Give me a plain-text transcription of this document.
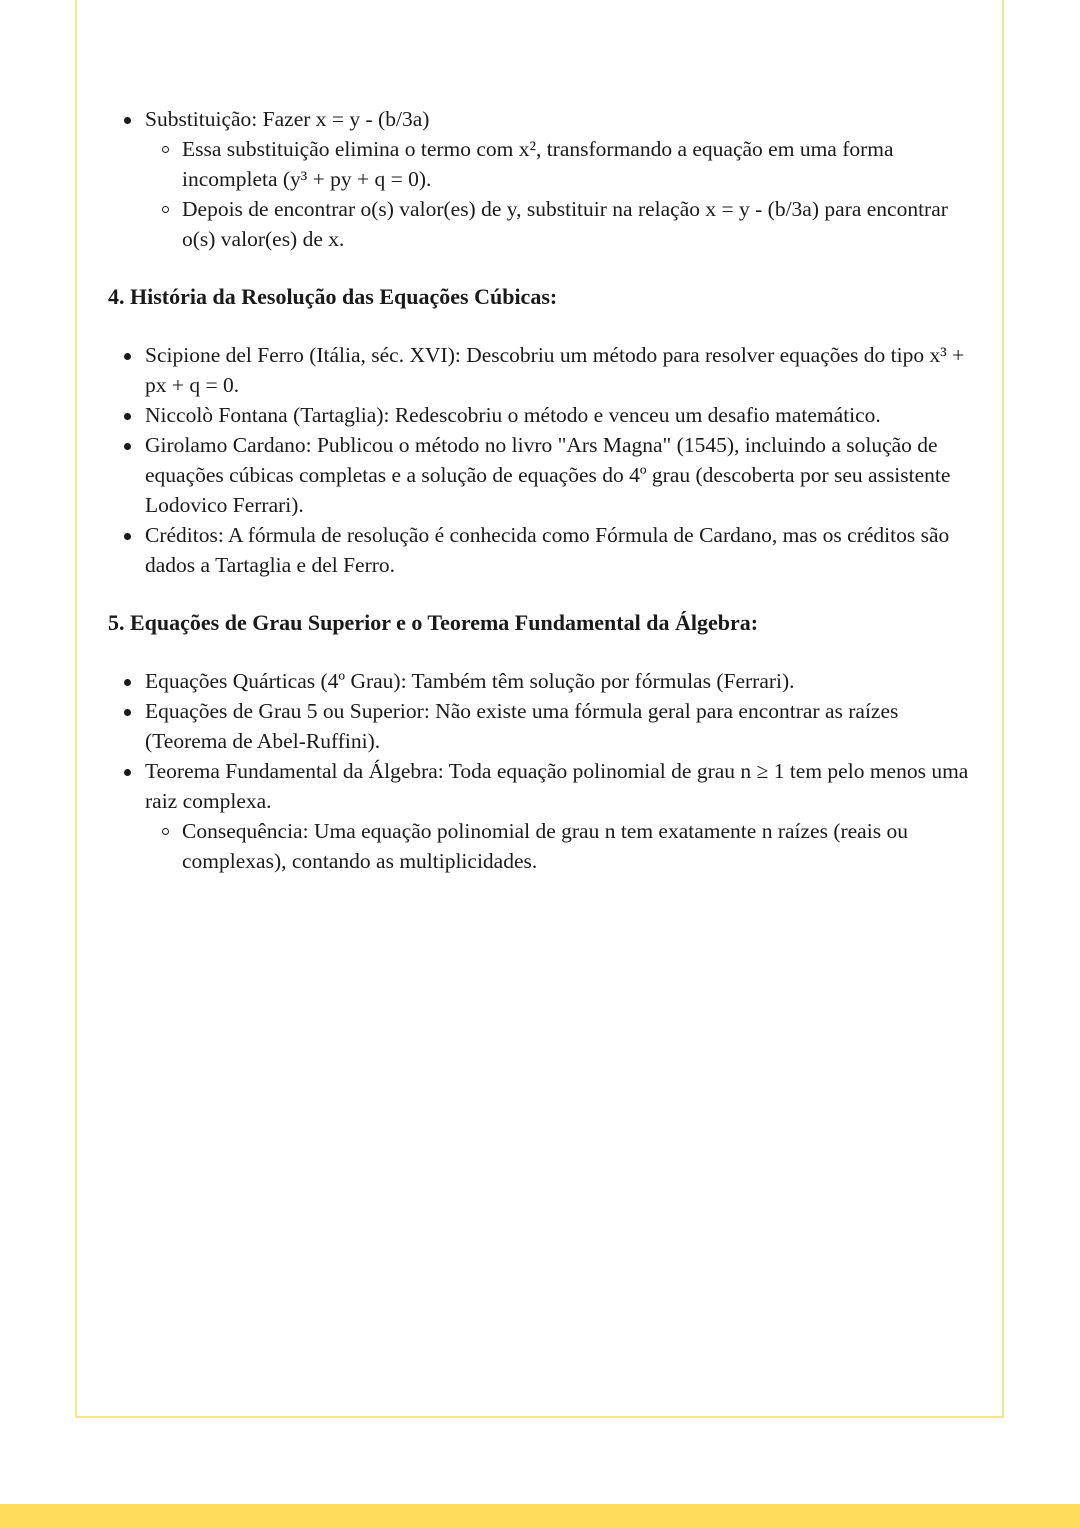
Substituição: Fazer x = y - (b/3a)
Essa substituição elimina o termo com x², transformando a equação em uma forma incompleta (y³ + py + q = 0).
Depois de encontrar o(s) valor(es) de y, substituir na relação x = y - (b/3a) para encontrar o(s) valor(es) de x.
4. História da Resolução das Equações Cúbicas:
Scipione del Ferro (Itália, séc. XVI): Descobriu um método para resolver equações do tipo x³ + px + q = 0.
Niccolò Fontana (Tartaglia): Redescobriu o método e venceu um desafio matemático.
Girolamo Cardano: Publicou o método no livro "Ars Magna" (1545), incluindo a solução de equações cúbicas completas e a solução de equações do 4º grau (descoberta por seu assistente Lodovico Ferrari).
Créditos: A fórmula de resolução é conhecida como Fórmula de Cardano, mas os créditos são dados a Tartaglia e del Ferro.
5. Equações de Grau Superior e o Teorema Fundamental da Álgebra:
Equações Quárticas (4º Grau): Também têm solução por fórmulas (Ferrari).
Equações de Grau 5 ou Superior: Não existe uma fórmula geral para encontrar as raízes (Teorema de Abel-Ruffini).
Teorema Fundamental da Álgebra: Toda equação polinomial de grau n ≥ 1 tem pelo menos uma raiz complexa.
Consequência: Uma equação polinomial de grau n tem exatamente n raízes (reais ou complexas), contando as multiplicidades.
